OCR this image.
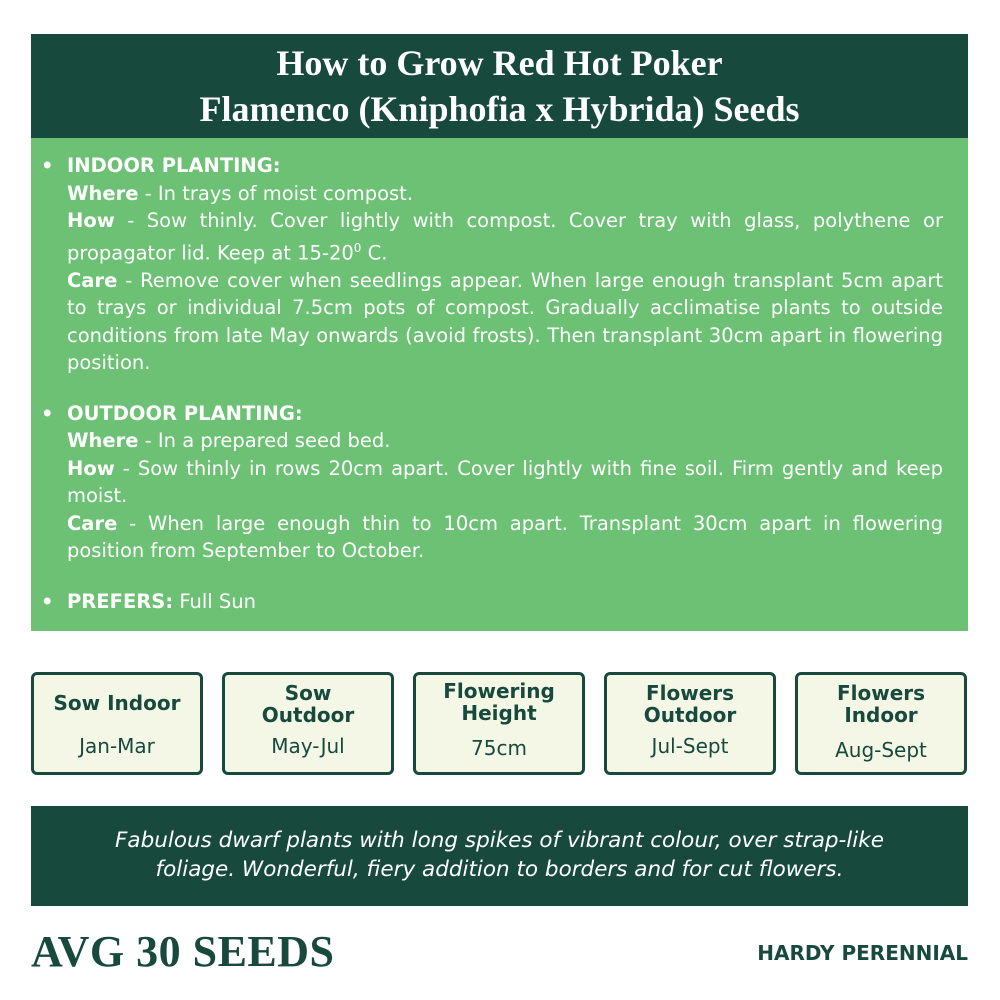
How to Grow Red Hot Poker
Flamenco (Kniphofia x Hybrida) Seeds
• INDOOR PLANTING:
Where - In trays of moist compost.
How - Sow thinly. Cover lightly with compost. Cover tray with glass, polythene or propagator lid. Keep at $15-20^0$ C.
Care - Remove cover when seedlings appear. When large enough transplant 5cm apart to trays or individual 7.5cm pots of compost. Gradually acclimatise plants to outside conditions from late May onwards (avoid frosts). Then transplant 30cm apart in flowering position.
• OUTDOOR PLANTING:
Where - In a prepared seed bed.
How - Sow thinly in rows 20cm apart. Cover lightly with fine soil. Firm gently and keep moist.
Care - When large enough thin to 10cm apart. Transplant 30cm apart in flowering position from September to October.
• PREFERS: Full Sun
Sow Indoor
Jan-Mar
Sow Outdoor
May-Jul
Flowering Height
75cm
Flowers Outdoor
Jul-Sept
Flowers Indoor
Aug-Sept
Fabulous dwarf plants with long spikes of vibrant colour, over strap-like
foliage. Wonderful, fiery addition to borders and for cut flowers.
AVG 30 SEEDS	HARDY PERENNIAL
